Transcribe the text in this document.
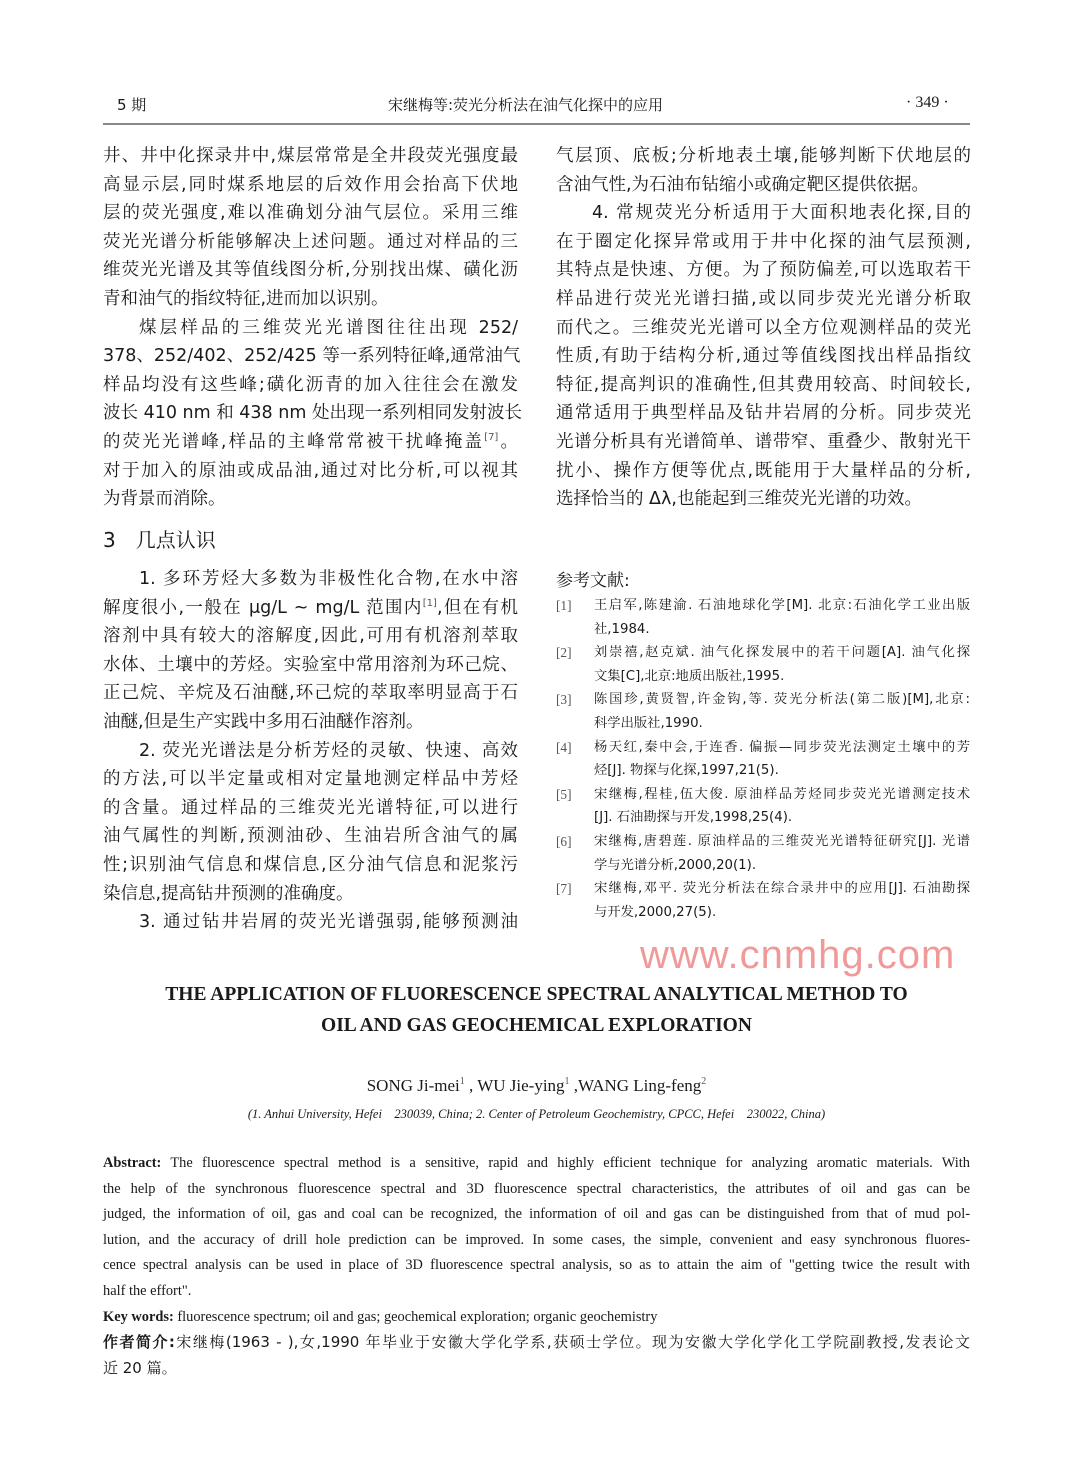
5 期	宋继梅等:荧光分析法在油气化探中的应用	· 349 ·
井、井中化探录井中,煤层常常是全井段荧光强度最
高显示层,同时煤系地层的后效作用会抬高下伏地
层的荧光强度,难以准确划分油气层位。采用三维
荧光光谱分析能够解决上述问题。通过对样品的三
维荧光光谱及其等值线图分析,分别找出煤、磺化沥
青和油气的指纹特征,进而加以识别。
煤层样品的三维荧光光谱图往往出现 252/
378、252/402、252/425 等一系列特征峰,通常油气
样品均没有这些峰;磺化沥青的加入往往会在激发
波长 410 nm 和 438 nm 处出现一系列相同发射波长
的荧光光谱峰,样品的主峰常常被干扰峰掩盖[7]。
对于加入的原油或成品油,通过对比分析,可以视其
为背景而消除。
3　几点认识
1. 多环芳烃大多数为非极性化合物,在水中溶
解度很小,一般在 μg/L ~ mg/L 范围内[1],但在有机
溶剂中具有较大的溶解度,因此,可用有机溶剂萃取
水体、土壤中的芳烃。实验室中常用溶剂为环己烷、
正己烷、辛烷及石油醚,环己烷的萃取率明显高于石
油醚,但是生产实践中多用石油醚作溶剂。
2. 荧光光谱法是分析芳烃的灵敏、快速、高效
的方法,可以半定量或相对定量地测定样品中芳烃
的含量。通过样品的三维荧光光谱特征,可以进行
油气属性的判断,预测油砂、生油岩所含油气的属
性;识别油气信息和煤信息,区分油气信息和泥浆污
染信息,提高钻井预测的准确度。
3. 通过钻井岩屑的荧光光谱强弱,能够预测油
气层顶、底板;分析地表土壤,能够判断下伏地层的
含油气性,为石油布钻缩小或确定靶区提供依据。
4. 常规荧光分析适用于大面积地表化探,目的
在于圈定化探异常或用于井中化探的油气层预测,
其特点是快速、方便。为了预防偏差,可以选取若干
样品进行荧光光谱扫描,或以同步荧光光谱分析取
而代之。三维荧光光谱可以全方位观测样品的荧光
性质,有助于结构分析,通过等值线图找出样品指纹
特征,提高判识的准确性,但其费用较高、时间较长,
通常适用于典型样品及钻井岩屑的分析。同步荧光
光谱分析具有光谱简单、谱带窄、重叠少、散射光干
扰小、操作方便等优点,既能用于大量样品的分析,
选择恰当的 Δλ,也能起到三维荧光光谱的功效。
参考文献:
[1] 王启军,陈建渝. 石油地球化学[M]. 北京:石油化学工业出版
社,1984.
[2] 刘崇禧,赵克斌. 油气化探发展中的若干问题[A]. 油气化探
文集[C],北京:地质出版社,1995.
[3] 陈国珍,黄贤智,许金钩,等. 荧光分析法(第二版)[M],北京:
科学出版社,1990.
[4] 杨天红,秦中会,于连香. 偏振—同步荧光法测定土壤中的芳
烃[J]. 物探与化探,1997,21(5).
[5] 宋继梅,程桂,伍大俊. 原油样品芳烃同步荧光光谱测定技术
[J]. 石油勘探与开发,1998,25(4).
[6] 宋继梅,唐碧莲. 原油样品的三维荧光光谱特征研究[J]. 光谱
学与光谱分析,2000,20(1).
[7] 宋继梅,邓平. 荧光分析法在综合录井中的应用[J]. 石油勘探
与开发,2000,27(5).
THE APPLICATION OF FLUORESCENCE SPECTRAL ANALYTICAL METHOD TO
OIL AND GAS GEOCHEMICAL EXPLORATION
SONG Ji-mei$^1$ , WU Jie-ying$^1$ ,WANG Ling-feng$^2$
(1. Anhui University, Hefei　230039, China; 2. Center of Petroleum Geochemistry, CPCC, Hefei　230022, China)
Abstract: The fluorescence spectral method is a sensitive, rapid and highly efficient technique for analyzing aromatic materials. With
the help of the synchronous fluorescence spectral and 3D fluorescence spectral characteristics, the attributes of oil and gas can be
judged, the information of oil, gas and coal can be recognized, the information of oil and gas can be distinguished from that of mud pol-
lution, and the accuracy of drill hole prediction can be improved. In some cases, the simple, convenient and easy synchronous fluores-
cence spectral analysis can be used in place of 3D fluorescence spectral analysis, so as to attain the aim of "getting twice the result with
half the effort".
Key words: fluorescence spectrum; oil and gas; geochemical exploration; organic geochemistry
作者简介:宋继梅(1963 - ),女,1990 年毕业于安徽大学化学系,获硕士学位。现为安徽大学化学化工学院副教授,发表论文
近 20 篇。
www.cnmhg.com
